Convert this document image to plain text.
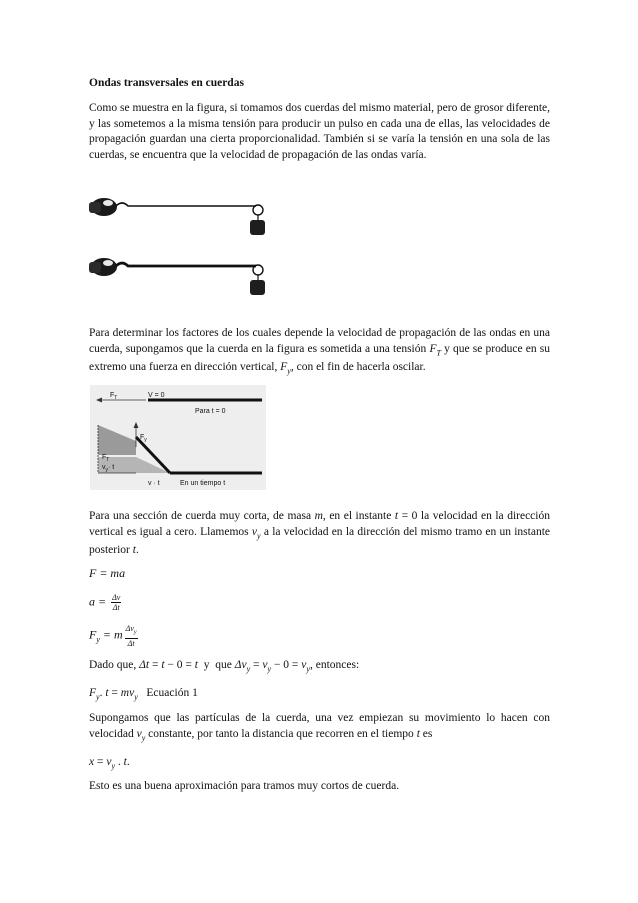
Ondas transversales en cuerdas
Como se muestra en la figura, si tomamos dos cuerdas del mismo material, pero de grosor diferente, y las sometemos a la misma tensión para producir un pulso en cada una de ellas, las velocidades de propagación guardan una cierta proporcionalidad. También si se varía la tensión en una sola de las cuerdas, se encuentra que la velocidad de propagación de las ondas varía.
Para determinar los factores de los cuales depende la velocidad de propagación de las ondas en una cuerda, supongamos que la cuerda en la figura es sometida a una tensión $F_T$ y que se produce en su extremo una fuerza en dirección vertical, $F_y$, con el fin de hacerla oscilar.
$F_T$	V = 0
Para t = 0
$F_y$
$F_T$
$v_y\cdot t$
v · t	En un tiempo t
Para una sección de cuerda muy corta, de masa m, en el instante t = 0 la velocidad en la dirección vertical es igual a cero. Llamemos $v_y$ a la velocidad en la dirección del mismo tramo en un instante posterior t.
F = ma
$a = \frac{\Delta v}{\Delta t}$
$F_y = m \frac{\Delta v_y}{\Delta t}$
Dado que, Δt = t − 0 = t  y  que $\Delta v_y = v_y - 0 = v_y$, entonces:
$F_y$. $t = mv_y$ Ecuación 1
Supongamos que las partículas de la cuerda, una vez empiezan su movimiento lo hacen con velocidad $v_y$ constante, por tanto la distancia que recorren en el tiempo t es
$x = v_y$ . t.
Esto es una buena aproximación para tramos muy cortos de cuerda.
